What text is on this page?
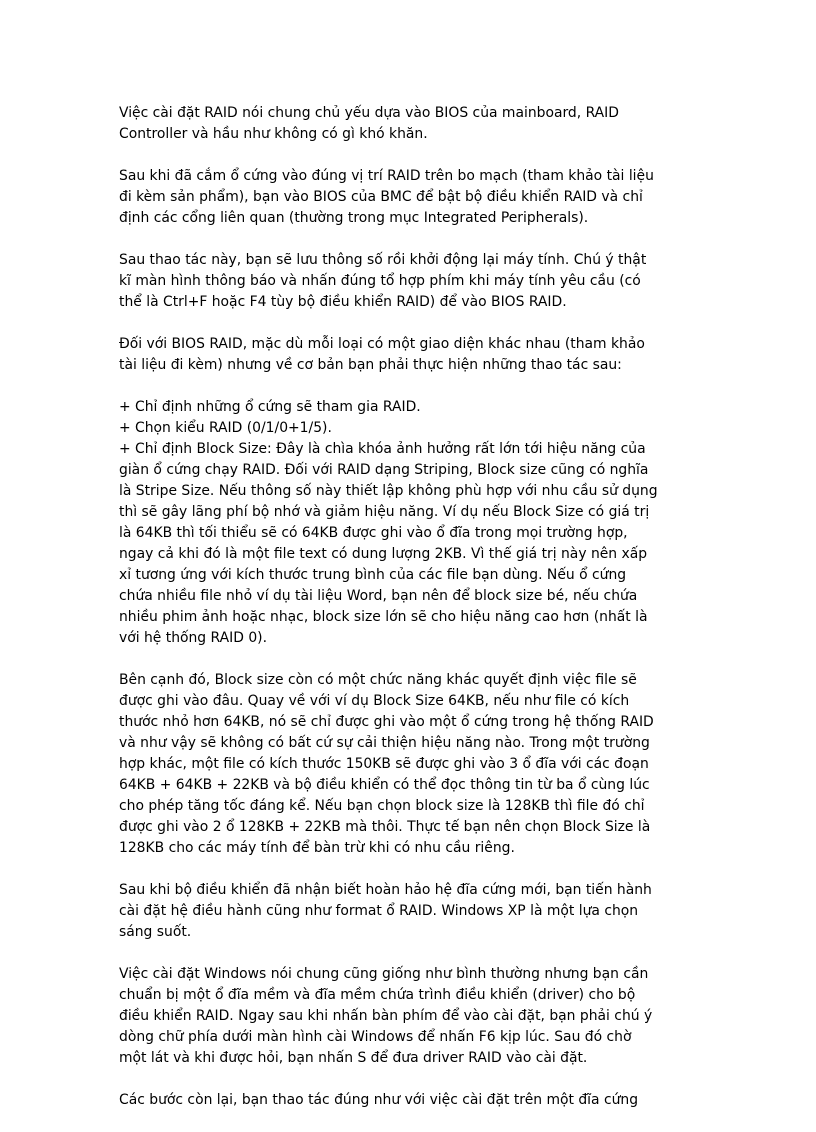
Việc cài đặt RAID nói chung chủ yếu dựa vào BIOS của mainboard, RAID
Controller và hầu như không có gì khó khăn.

Sau khi đã cắm ổ cứng vào đúng vị trí RAID trên bo mạch (tham khảo tài liệu
đi kèm sản phẩm), bạn vào BIOS của BMC để bật bộ điều khiển RAID và chỉ
định các cổng liên quan (thường trong mục Integrated Peripherals).

Sau thao tác này, bạn sẽ lưu thông số rồi khởi động lại máy tính. Chú ý thật
kĩ màn hình thông báo và nhấn đúng tổ hợp phím khi máy tính yêu cầu (có
thể là Ctrl+F hoặc F4 tùy bộ điều khiển RAID) để vào BIOS RAID.

Đối với BIOS RAID, mặc dù mỗi loại có một giao diện khác nhau (tham khảo
tài liệu đi kèm) nhưng về cơ bản bạn phải thực hiện những thao tác sau:

+ Chỉ định những ổ cứng sẽ tham gia RAID.
+ Chọn kiểu RAID (0/1/0+1/5).
+ Chỉ định Block Size: Đây là chìa khóa ảnh hưởng rất lớn tới hiệu năng của
giàn ổ cứng chạy RAID. Đối với RAID dạng Striping, Block size cũng có nghĩa
là Stripe Size. Nếu thông số này thiết lập không phù hợp với nhu cầu sử dụng
thì sẽ gây lãng phí bộ nhớ và giảm hiệu năng. Ví dụ nếu Block Size có giá trị
là 64KB thì tối thiểu sẽ có 64KB được ghi vào ổ đĩa trong mọi trường hợp,
ngay cả khi đó là một file text có dung lượng 2KB. Vì thế giá trị này nên xấp
xỉ tương ứng với kích thước trung bình của các file bạn dùng. Nếu ổ cứng
chứa nhiều file nhỏ ví dụ tài liệu Word, bạn nên để block size bé, nếu chứa
nhiều phim ảnh hoặc nhạc, block size lớn sẽ cho hiệu năng cao hơn (nhất là
với hệ thống RAID 0).

Bên cạnh đó, Block size còn có một chức năng khác quyết định việc file sẽ
được ghi vào đâu. Quay về với ví dụ Block Size 64KB, nếu như file có kích
thước nhỏ hơn 64KB, nó sẽ chỉ được ghi vào một ổ cứng trong hệ thống RAID
và như vậy sẽ không có bất cứ sự cải thiện hiệu năng nào. Trong một trường
hợp khác, một file có kích thước 150KB sẽ được ghi vào 3 ổ đĩa với các đoạn
64KB + 64KB + 22KB và bộ điều khiển có thể đọc thông tin từ ba ổ cùng lúc
cho phép tăng tốc đáng kể. Nếu bạn chọn block size là 128KB thì file đó chỉ
được ghi vào 2 ổ 128KB + 22KB mà thôi. Thực tế bạn nên chọn Block Size là
128KB cho các máy tính để bàn trừ khi có nhu cầu riêng.

Sau khi bộ điều khiển đã nhận biết hoàn hảo hệ đĩa cứng mới, bạn tiến hành
cài đặt hệ điều hành cũng như format ổ RAID. Windows XP là một lựa chọn
sáng suốt.

Việc cài đặt Windows nói chung cũng giống như bình thường nhưng bạn cần
chuẩn bị một ổ đĩa mềm và đĩa mềm chứa trình điều khiển (driver) cho bộ
điều khiển RAID. Ngay sau khi nhấn bàn phím để vào cài đặt, bạn phải chú ý
dòng chữ phía dưới màn hình cài Windows để nhấn F6 kịp lúc. Sau đó chờ
một lát và khi được hỏi, bạn nhấn S để đưa driver RAID vào cài đặt.

Các bước còn lại, bạn thao tác đúng như với việc cài đặt trên một đĩa cứng
